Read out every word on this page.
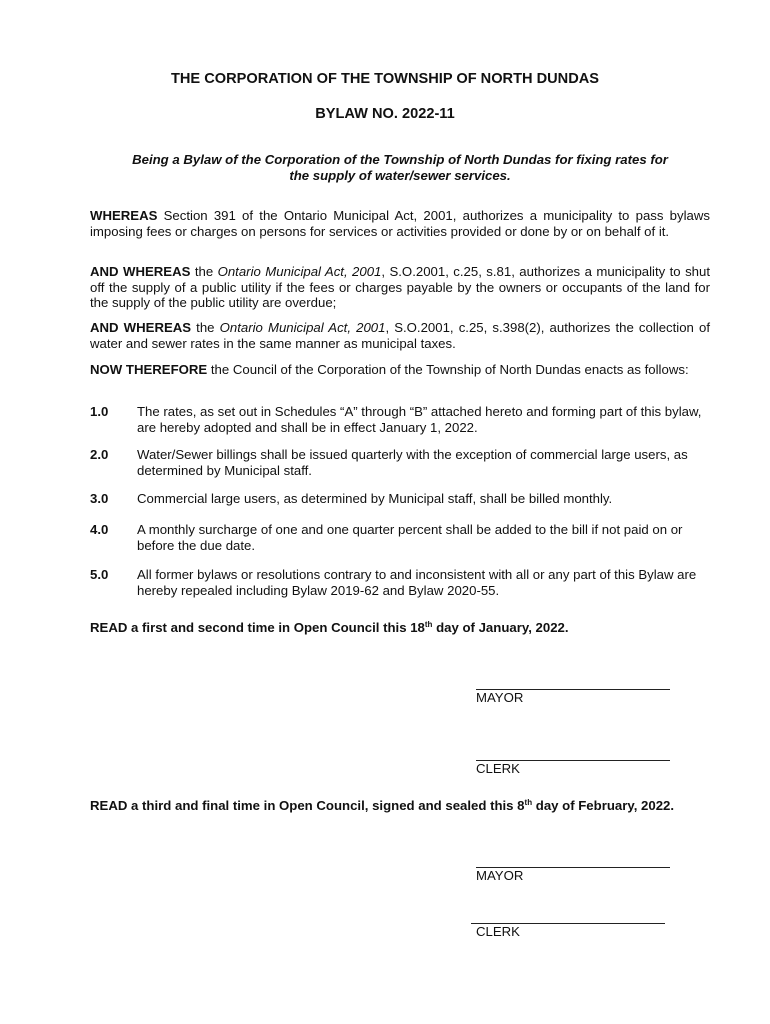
THE CORPORATION OF THE TOWNSHIP OF NORTH DUNDAS
BYLAW NO. 2022-11
Being a Bylaw of the Corporation of the Township of North Dundas for fixing rates for
the supply of water/sewer services.

WHEREAS Section 391 of the Ontario Municipal Act, 2001, authorizes a municipality to pass bylaws imposing fees or charges on persons for services or activities provided or done by or on behalf of it.

AND WHEREAS the Ontario Municipal Act, 2001, S.O.2001, c.25, s.81, authorizes a municipality to shut off the supply of a public utility if the fees or charges payable by the owners or occupants of the land for the supply of the public utility are overdue;

AND WHEREAS the Ontario Municipal Act, 2001, S.O.2001, c.25, s.398(2), authorizes the collection of water and sewer rates in the same manner as municipal taxes.

NOW THEREFORE the Council of the Corporation of the Township of North Dundas enacts as follows:

1.0 The rates, as set out in Schedules “A” through “B” attached hereto and forming part of this bylaw, are hereby adopted and shall be in effect January 1, 2022.
2.0 Water/Sewer billings shall be issued quarterly with the exception of commercial large users, as determined by Municipal staff.
3.0 Commercial large users, as determined by Municipal staff, shall be billed monthly.
4.0 A monthly surcharge of one and one quarter percent shall be added to the bill if not paid on or before the due date.
5.0 All former bylaws or resolutions contrary to and inconsistent with all or any part of this Bylaw are hereby repealed including Bylaw 2019-62 and Bylaw 2020-55.
READ a first and second time in Open Council this 18th day of January, 2022.
MAYOR
CLERK
READ a third and final time in Open Council, signed and sealed this 8th day of February, 2022.
MAYOR
CLERK
